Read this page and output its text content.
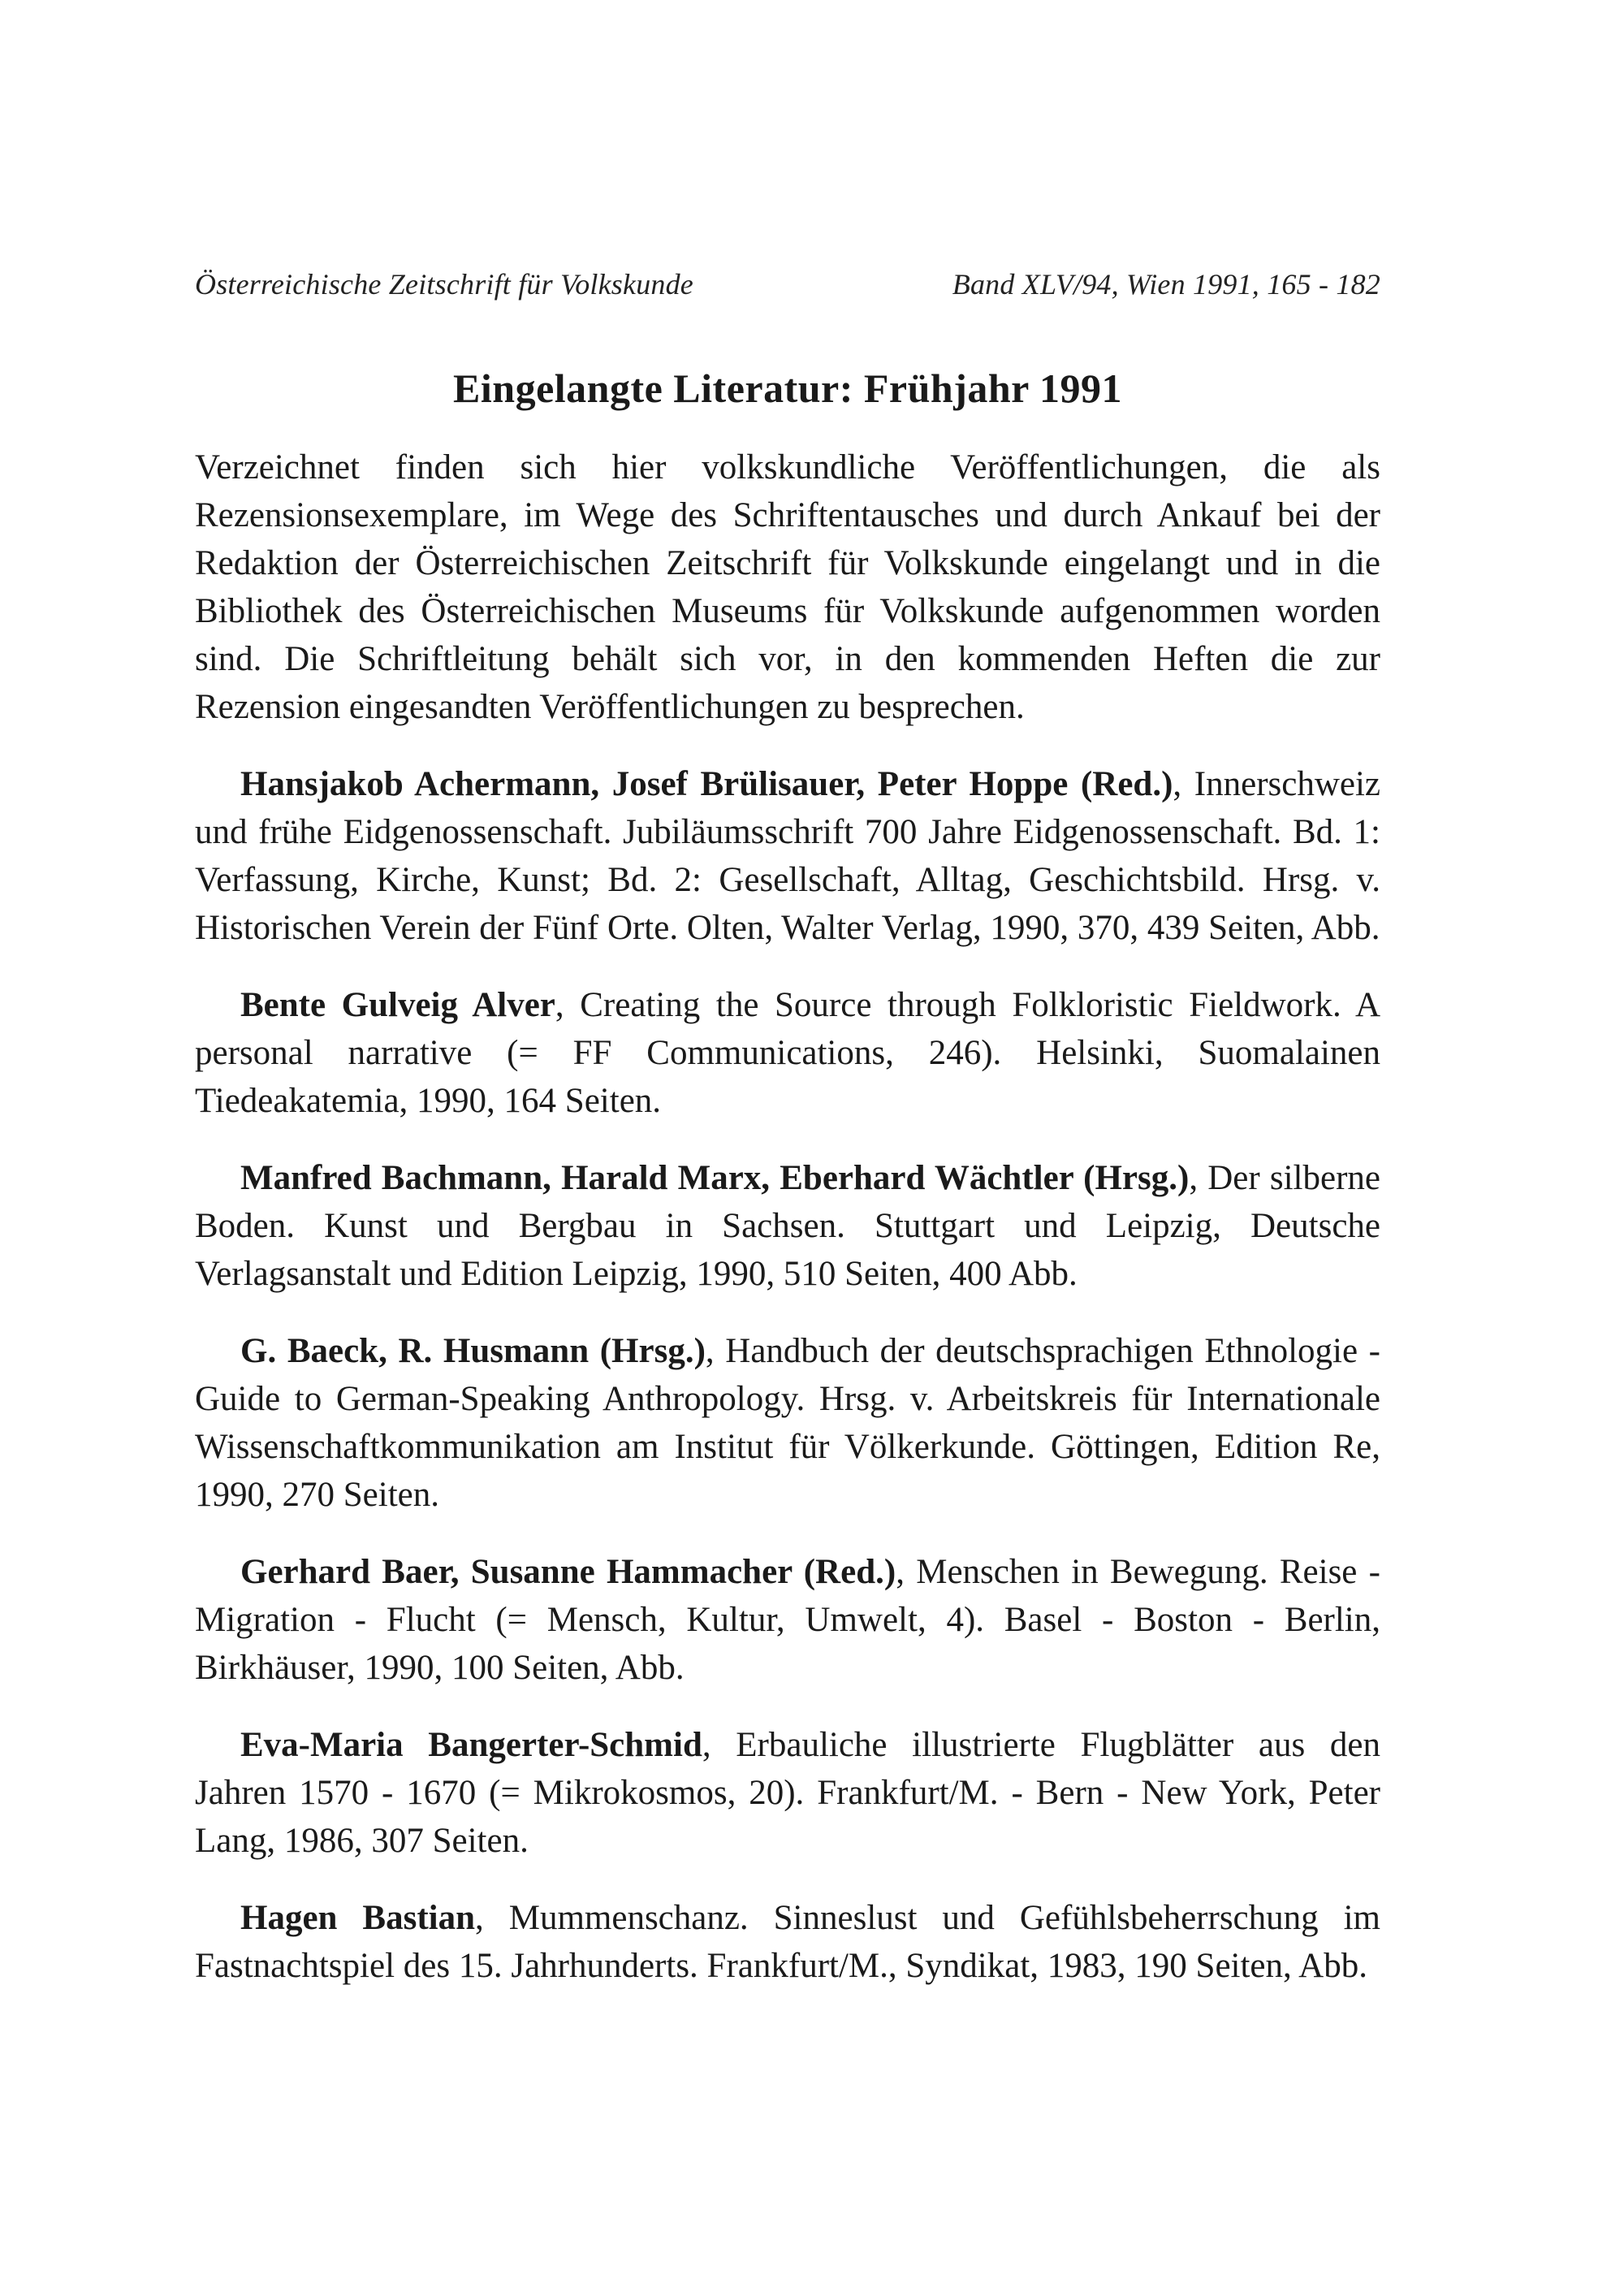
Österreichische Zeitschrift für Volkskunde	Band XLV/94, Wien 1991, 165 - 182
Eingelangte Literatur: Frühjahr 1991

Verzeichnet finden sich hier volkskundliche Veröffentlichungen, die als Rezensionsexemplare, im Wege des Schriftentausches und durch Ankauf bei der Redaktion der Österreichischen Zeitschrift für Volkskunde eingelangt und in die Bibliothek des Österreichischen Museums für Volkskunde aufgenommen worden sind. Die Schriftleitung behält sich vor, in den kommenden Heften die zur Rezension eingesandten Veröffentlichungen zu besprechen.

Hansjakob Achermann, Josef Brülisauer, Peter Hoppe (Red.), Innerschweiz und frühe Eidgenossenschaft. Jubiläumsschrift 700 Jahre Eidgenossenschaft. Bd. 1: Verfassung, Kirche, Kunst; Bd. 2: Gesellschaft, Alltag, Geschichtsbild. Hrsg. v. Historischen Verein der Fünf Orte. Olten, Walter Verlag, 1990, 370, 439 Seiten, Abb.

Bente Gulveig Alver, Creating the Source through Folkloristic Fieldwork. A personal narrative (= FF Communications, 246). Helsinki, Suomalainen Tiedeakatemia, 1990, 164 Seiten.

Manfred Bachmann, Harald Marx, Eberhard Wächtler (Hrsg.), Der silberne Boden. Kunst und Bergbau in Sachsen. Stuttgart und Leipzig, Deutsche Verlagsanstalt und Edition Leipzig, 1990, 510 Seiten, 400 Abb.

G. Baeck, R. Husmann (Hrsg.), Handbuch der deutschsprachigen Ethnologie - Guide to German-Speaking Anthropology. Hrsg. v. Arbeitskreis für Internationale Wissenschaftkommunikation am Institut für Völkerkunde. Göttingen, Edition Re, 1990, 270 Seiten.

Gerhard Baer, Susanne Hammacher (Red.), Menschen in Bewegung. Reise - Migration - Flucht (= Mensch, Kultur, Umwelt, 4). Basel - Boston - Berlin, Birkhäuser, 1990, 100 Seiten, Abb.

Eva-Maria Bangerter-Schmid, Erbauliche illustrierte Flugblätter aus den Jahren 1570 - 1670 (= Mikrokosmos, 20). Frankfurt/M. - Bern - New York, Peter Lang, 1986, 307 Seiten.

Hagen Bastian, Mummenschanz. Sinneslust und Gefühlsbeherrschung im Fastnachtspiel des 15. Jahrhunderts. Frankfurt/M., Syndikat, 1983, 190 Seiten, Abb.
